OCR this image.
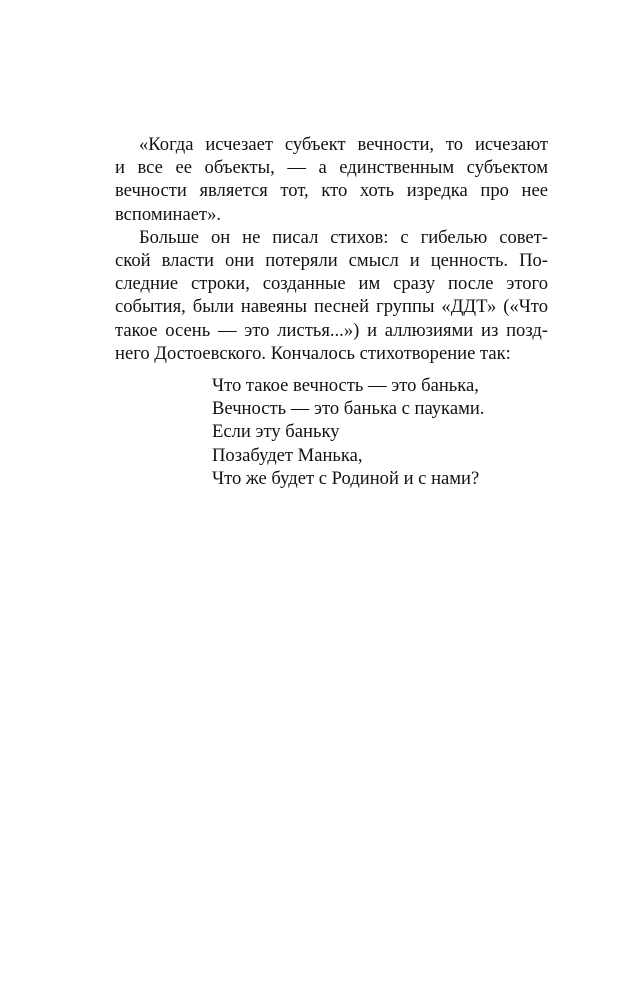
«Когда исчезает субъект вечности, то исчезают
и все ее объекты, — а единственным субъектом
вечности является тот, кто хоть изредка про нее
вспоминает».
Больше он не писал стихов: с гибелью совет-
ской власти они потеряли смысл и ценность. По-
следние строки, созданные им сразу после этого
события, были навеяны песней группы «ДДТ» («Что
такое осень — это листья...») и аллюзиями из позд-
него Достоевского. Кончалось стихотворение так:
Что такое вечность — это банька,
Вечность — это банька с пауками.
Если эту баньку
Позабудет Манька,
Что же будет с Родиной и с нами?
